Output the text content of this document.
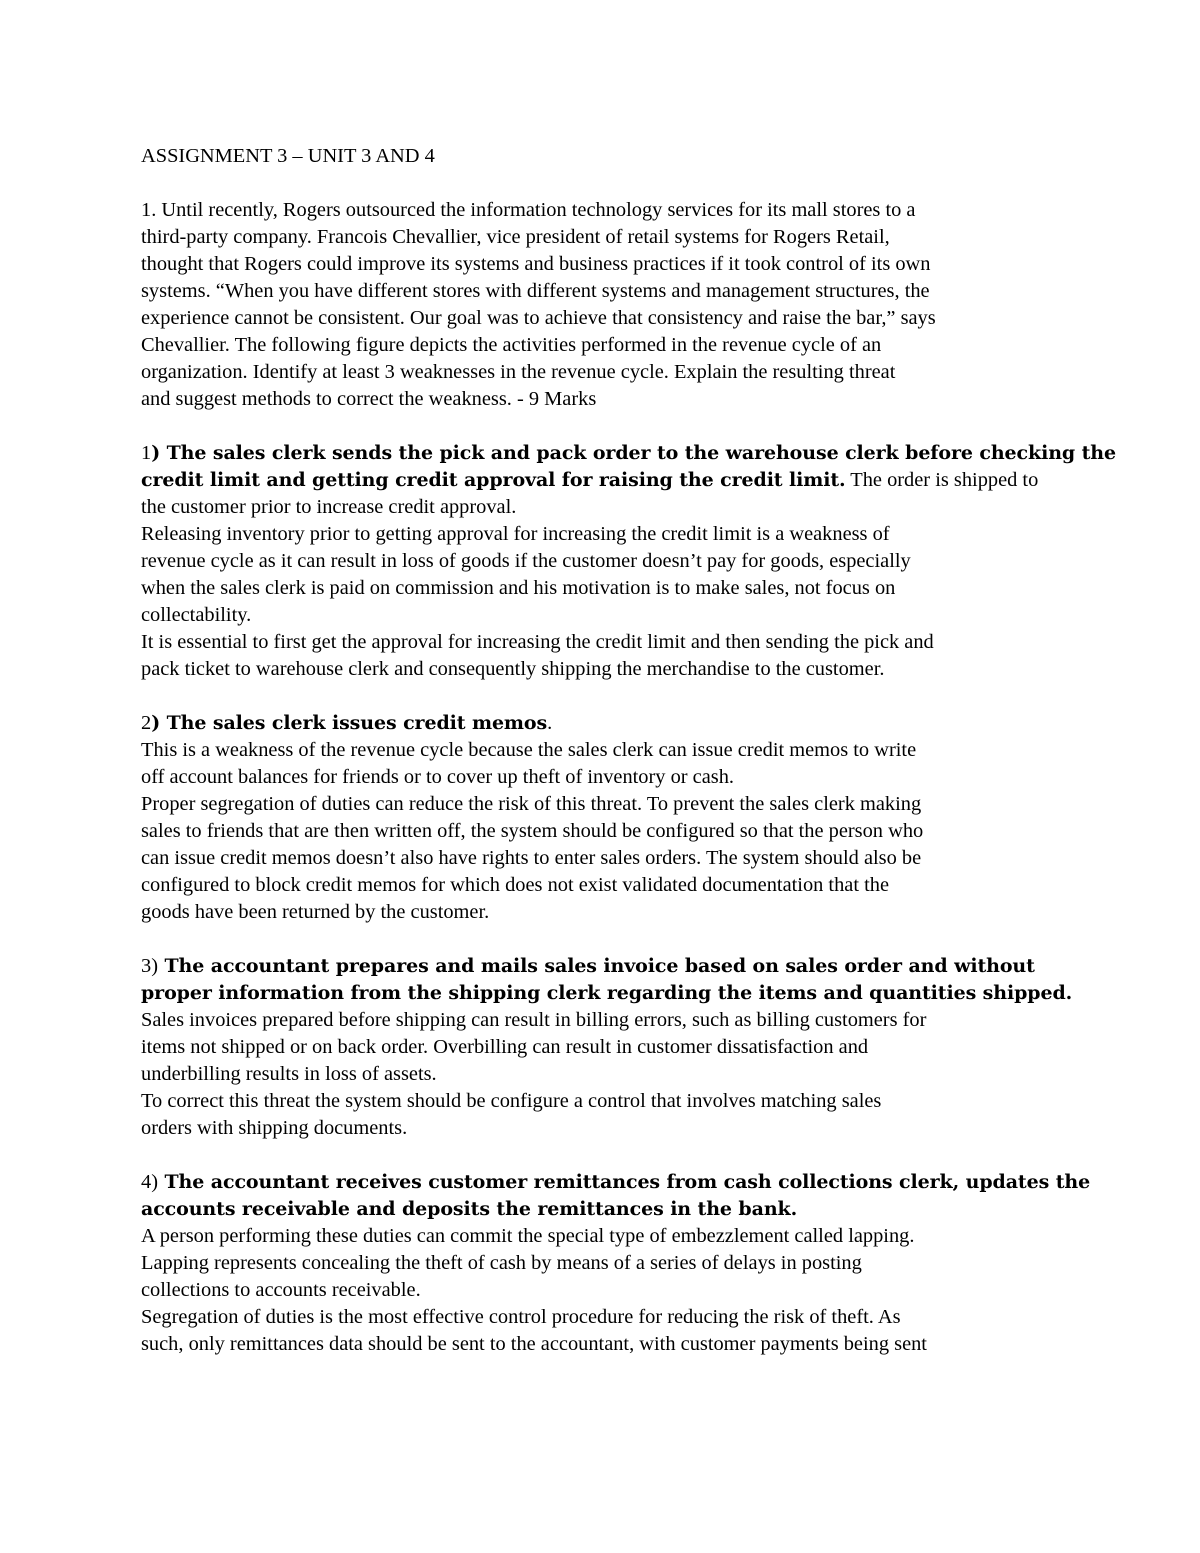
ASSIGNMENT 3 – UNIT 3 AND 4

1. Until recently, Rogers outsourced the information technology services for its mall stores to a
third-party company. Francois Chevallier, vice president of retail systems for Rogers Retail,
thought that Rogers could improve its systems and business practices if it took control of its own
systems. “When you have different stores with different systems and management structures, the
experience cannot be consistent. Our goal was to achieve that consistency and raise the bar,” says
Chevallier. The following figure depicts the activities performed in the revenue cycle of an
organization. Identify at least 3 weaknesses in the revenue cycle. Explain the resulting threat
and suggest methods to correct the weakness. - 9 Marks

1) The sales clerk sends the pick and pack order to the warehouse clerk before checking the
credit limit and getting credit approval for raising the credit limit. The order is shipped to
the customer prior to increase credit approval.
Releasing inventory prior to getting approval for increasing the credit limit is a weakness of
revenue cycle as it can result in loss of goods if the customer doesn’t pay for goods, especially
when the sales clerk is paid on commission and his motivation is to make sales, not focus on
collectability.
It is essential to first get the approval for increasing the credit limit and then sending the pick and
pack ticket to warehouse clerk and consequently shipping the merchandise to the customer.
2) The sales clerk issues credit memos.
This is a weakness of the revenue cycle because the sales clerk can issue credit memos to write
off account balances for friends or to cover up theft of inventory or cash.
Proper segregation of duties can reduce the risk of this threat. To prevent the sales clerk making
sales to friends that are then written off, the system should be configured so that the person who
can issue credit memos doesn’t also have rights to enter sales orders. The system should also be
configured to block credit memos for which does not exist validated documentation that the
goods have been returned by the customer.
3) The accountant prepares and mails sales invoice based on sales order and without
proper information from the shipping clerk regarding the items and quantities shipped.
Sales invoices prepared before shipping can result in billing errors, such as billing customers for
items not shipped or on back order. Overbilling can result in customer dissatisfaction and
underbilling results in loss of assets.
To correct this threat the system should be configure a control that involves matching sales
orders with shipping documents.
4) The accountant receives customer remittances from cash collections clerk, updates the
accounts receivable and deposits the remittances in the bank.
A person performing these duties can commit the special type of embezzlement called lapping.
Lapping represents concealing the theft of cash by means of a series of delays in posting
collections to accounts receivable.
Segregation of duties is the most effective control procedure for reducing the risk of theft. As
such, only remittances data should be sent to the accountant, with customer payments being sent
